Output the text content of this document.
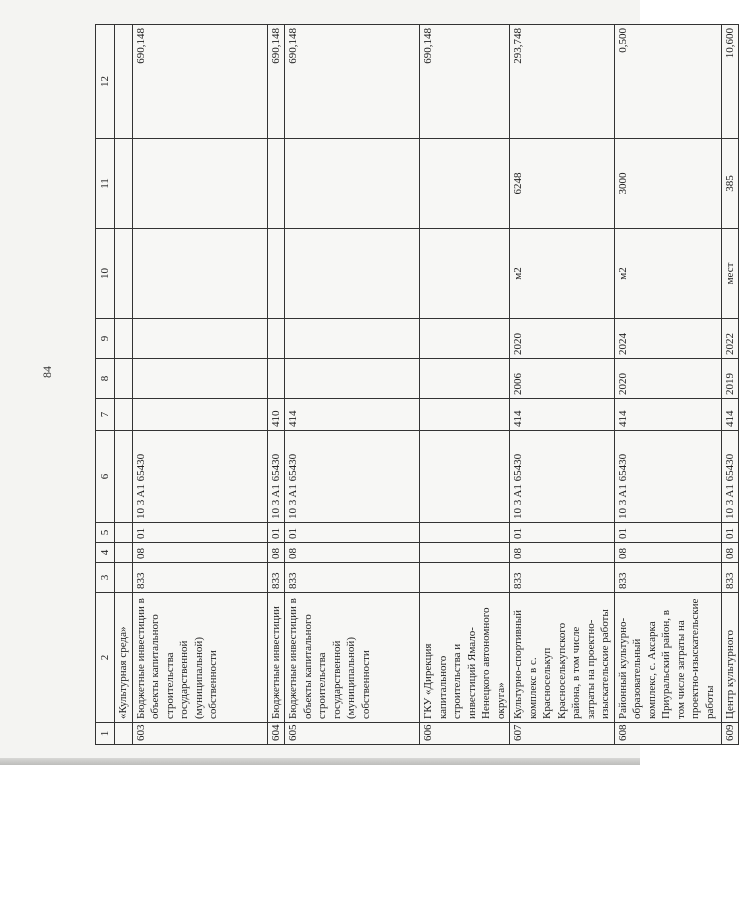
84
1	2	3	4	5	6	7	8	9	10	11	12
	«Культурная среда»										
603	Бюджетные инвестиции в объекты капитального строительства государственной (муниципальной) собственности	833	08	01	10 3 A1 65430						690,148
604	Бюджетные инвестиции	833	08	01	10 3 A1 65430	410					690,148
605	Бюджетные инвестиции в объекты капитального строительства государственной (муниципальной) собственности	833	08	01	10 3 A1 65430	414					690,148
606	ГКУ «Дирекция капитального строительства и инвестиций Ямало-Ненецкого автономного округа»										690,148
607	Культурно-спортивный комплекс в с. Красноселькуп Красноселькупского района, в том числе затраты на проектно-изыскательские работы	833	08	01	10 3 A1 65430	414	2006	2020	м2	6248	293,748
608	Районный культурно-образовательный комплекс, с. Аксарка Приуральский район, в том числе затраты на проектно-изыскательские работы	833	08	01	10 3 A1 65430	414	2020	2024	м2	3000	0,500
609	Центр культурного	833	08	01	10 3 A1 65430	414	2019	2022	мест	385	10,600
